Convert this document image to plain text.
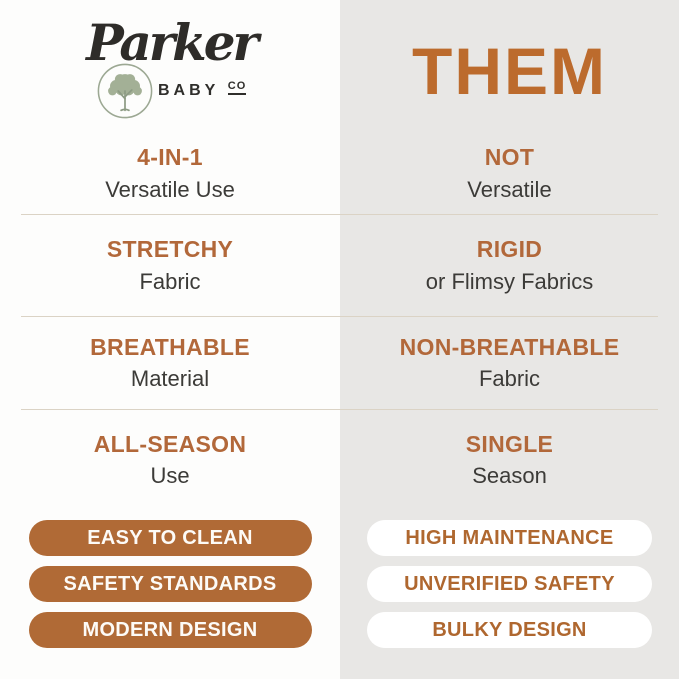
Parker
BABY $^{CO}$	THEM
4-IN-1
Versatile Use
NOT
Versatile
STRETCHY
Fabric
RIGID
or Flimsy Fabrics
BREATHABLE
Material
NON-BREATHABLE
Fabric
ALL-SEASON
Use
SINGLE
Season
EASY TO CLEAN
SAFETY STANDARDS
MODERN DESIGN
HIGH MAINTENANCE
UNVERIFIED SAFETY
BULKY DESIGN
